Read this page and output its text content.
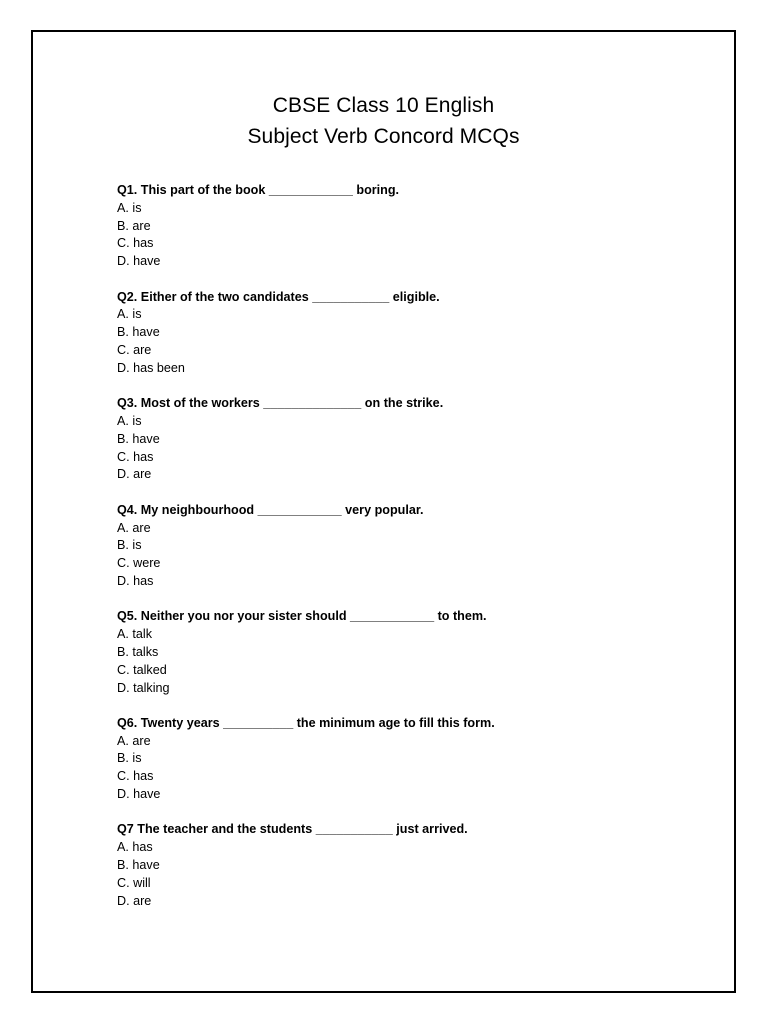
CBSE Class 10 English

Subject Verb Concord MCQs

Q1. This part of the book ____________ boring.

A. is

B. are

C. has

D. have

Q2. Either of the two candidates ___________ eligible.

A. is

B. have

C. are

D. has been

Q3. Most of the workers ______________ on the strike.

A. is

B. have

C. has

D. are

Q4. My neighbourhood ____________ very popular.

A. are

B. is

C. were

D. has

Q5. Neither you nor your sister should ____________ to them.

A. talk

B. talks

C. talked

D. talking

Q6. Twenty years __________ the minimum age to fill this form.

A. are

B. is

C. has

D. have

Q7 The teacher and the students ___________ just arrived.

A. has

B. have

C. will

D. are
